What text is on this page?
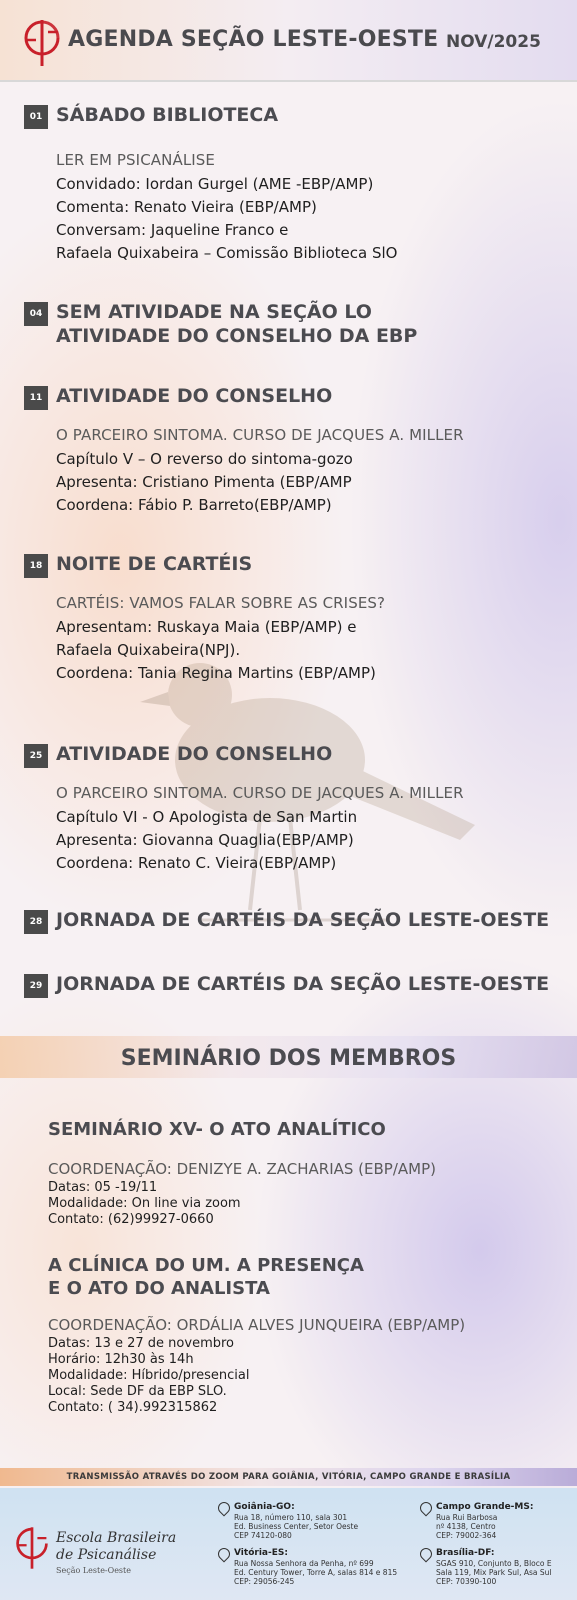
AGENDA SEÇÃO LESTE-OESTE NOV/2025
01 SÁBADO BIBLIOTECA
LER EM PSICANÁLISE
Convidado: Iordan Gurgel (AME -EBP/AMP)
Comenta: Renato Vieira (EBP/AMP)
Conversam: Jaqueline Franco e
Rafaela Quixabeira – Comissão Biblioteca SlO
04 SEM ATIVIDADE NA SEÇÃO LO
ATIVIDADE DO CONSELHO DA EBP
11 ATIVIDADE DO CONSELHO
O PARCEIRO SINTOMA. CURSO DE JACQUES A. MILLER
Capítulo V – O reverso do sintoma-gozo
Apresenta: Cristiano Pimenta (EBP/AMP
Coordena: Fábio P. Barreto(EBP/AMP)
18 NOITE DE CARTÉIS
CARTÉIS: VAMOS FALAR SOBRE AS CRISES?
Apresentam: Ruskaya Maia (EBP/AMP) e
Rafaela Quixabeira(NPJ).
Coordena: Tania Regina Martins (EBP/AMP)
25 ATIVIDADE DO CONSELHO
O PARCEIRO SINTOMA. CURSO DE JACQUES A. MILLER
Capítulo VI - O Apologista de San Martin
Apresenta: Giovanna Quaglia(EBP/AMP)
Coordena: Renato C. Vieira(EBP/AMP)
28 JORNADA DE CARTÉIS DA SEÇÃO LESTE-OESTE
29 JORNADA DE CARTÉIS DA SEÇÃO LESTE-OESTE
SEMINÁRIO DOS MEMBROS
SEMINÁRIO XV- O ATO ANALÍTICO
COORDENAÇÃO: DENIZYE A. ZACHARIAS (EBP/AMP)
Datas: 05 -19/11
Modalidade: On line via zoom
Contato: (62)99927-0660
A CLÍNICA DO UM. A PRESENÇA
E O ATO DO ANALISTA
COORDENAÇÃO: ORDÁLIA ALVES JUNQUEIRA (EBP/AMP)
Datas: 13 e 27 de novembro
Horário: 12h30 às 14h
Modalidade: Híbrido/presencial
Local: Sede DF da EBP SLO.
Contato: ( 34).992315862
TRANSMISSÃO ATRAVÉS DO ZOOM PARA GOIÂNIA, VITÓRIA, CAMPO GRANDE E BRASÍLIA
Escola Brasileira
de Psicanálise
Seção Leste-Oeste
Goiânia-GO:
Rua 18, número 110, sala 301
Ed. Business Center, Setor Oeste
CEP 74120-080
Campo Grande-MS:
Rua Rui Barbosa
nº 4138, Centro
CEP: 79002-364
Vitória-ES:
Rua Nossa Senhora da Penha, nº 699
Ed. Century Tower, Torre A, salas 814 e 815
CEP: 29056-245
Brasília-DF:
SGAS 910, Conjunto B, Bloco E
Sala 119, Mix Park Sul, Asa Sul
CEP: 70390-100
